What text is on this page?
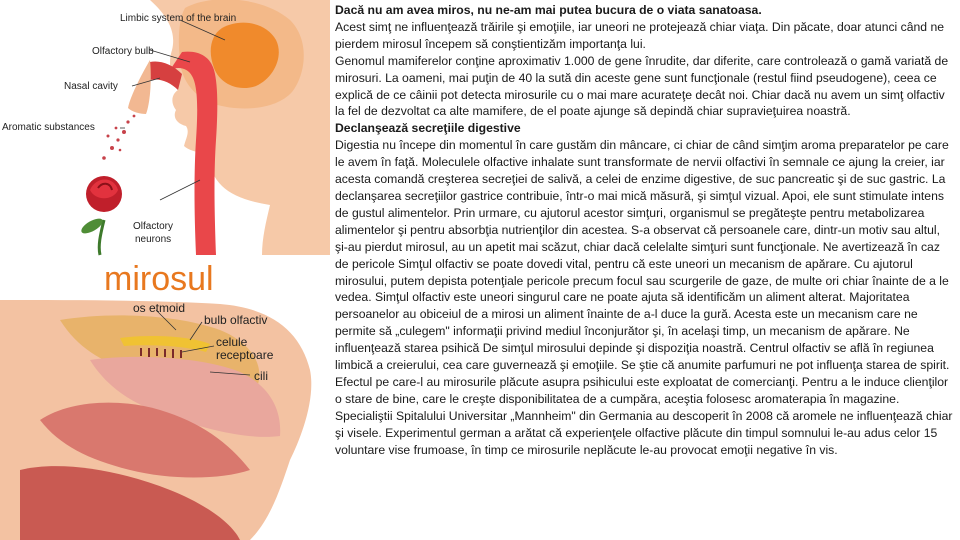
mirosul
Limbic system of the brain
Olfactory bulb
Nasal cavity
Aromatic substances
Olfactory
neurons
os etmoid
bulb olfactiv
celule
receptoare
cili

Dacă nu am avea miros, nu ne-am mai putea bucura de o viata sanatoasa.

Acest simţ ne influenţează trăirile şi emoţiile, iar uneori ne protejează chiar viaţa. Din păcate, doar atunci când ne pierdem mirosul începem să conştientizăm importanţa lui.

Genomul mamiferelor conţine aproximativ 1.000 de gene înrudite, dar diferite, care controlează o gamă variată de mirosuri. La oameni, mai puţin de 40 la sută din aceste gene sunt funcţionale (restul fiind pseudogene), ceea ce explică de ce câinii pot detecta mirosurile cu o mai mare acurateţe decât noi. Chiar dacă nu avem un simţ olfactiv la fel de dezvoltat ca alte mamifere, de el poate ajunge să depindă chiar supravieţuirea noastră.

Declanşează secreţiile digestive

Digestia nu începe din momentul în care gustăm din mâncare, ci chiar de când simţim aroma preparatelor pe care le avem în faţă. Moleculele olfactive inhalate sunt transformate de nervii olfactivi în semnale ce ajung la creier, iar acesta comandă creşterea secreţiei de salivă, a celei de enzime digestive, de suc pancreatic şi de suc gastric. La declanşarea secreţiilor gastrice contribuie, într-o mai mică măsură, şi simţul vizual. Apoi, ele sunt stimulate intens de gustul alimentelor. Prin urmare, cu ajutorul acestor simţuri, organismul se pregăteşte pentru metabolizarea alimentelor şi pentru absorbţia nutrienţilor din acestea. S-a observat că persoanele care, dintr-un motiv sau altul, şi-au pierdut mirosul, au un apetit mai scăzut, chiar dacă celelalte simţuri sunt funcţionale. Ne avertizează în caz de pericole Simţul olfactiv se poate dovedi vital, pentru că este uneori un mecanism de apărare. Cu ajutorul mirosului, putem depista potenţiale pericole precum focul sau scurgerile de gaze, de multe ori chiar înainte de a le vedea. Simţul olfactiv este uneori singurul care ne poate ajuta să identificăm un aliment alterat. Majoritatea persoanelor au obiceiul de a mirosi un aliment înainte de a-l duce la gură. Acesta este un mecanism care ne permite să „culegem" informaţii privind mediul înconjurător şi, în acelaşi timp, un mecanism de apărare. Ne influenţează starea psihică De simţul mirosului depinde şi dispoziţia noastră. Centrul olfactiv se află în regiunea limbică a creierului, cea care guvernează şi emoţiile. Se ştie că anumite parfumuri ne pot influenţa starea de spirit. Efectul pe care-l au mirosurile plăcute asupra psihicului este exploatat de comercianţi. Pentru a le induce clienţilor o stare de bine, care le creşte disponibilitatea de a cumpăra, aceştia folosesc aromaterapia în magazine. Specialiştii Spitalului Universitar „Mannheim" din Germania au descoperit în 2008 că aromele ne influenţează chiar şi visele. Experimentul german a arătat că experienţele olfactive plăcute din timpul somnului le-au adus celor 15 voluntare vise frumoase, în timp ce mirosurile neplăcute le-au provocat emoţii negative în vis.
